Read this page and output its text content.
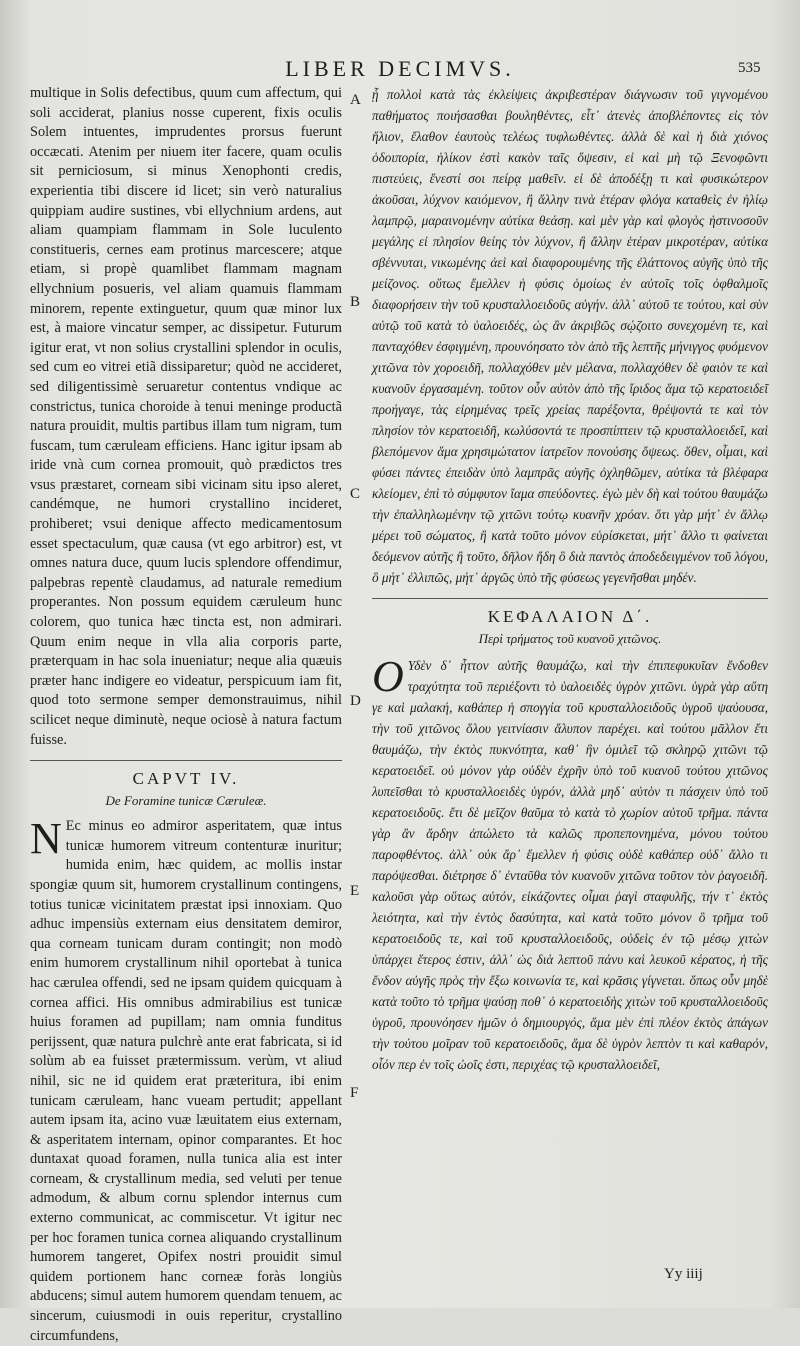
LIBER DECIMVS.	535
A
B
C
D
E
F

multique in Solis defectibus, quum cum affectum, qui soli acciderat, planius nosse cuperent, fixis oculis Solem intuentes, imprudentes prorsus fuerunt occæcati. Atenim per niuem iter facere, quam oculis sit perniciosum, si minus Xenophonti credis, experientia tibi discere id licet; sin verò naturalius quippiam audire sustines, vbi ellychnium ardens, aut aliam quampiam flammam in Sole luculento constitueris, cernes eam protinus marcescere; atque etiam, si propè quamlibet flammam magnam ellychnium posueris, vel aliam quamuis flammam minorem, repente extinguetur, quum quæ minor lux est, à maiore vincatur semper, ac dissipetur. Futurum igitur erat, vt non solius crystallini splendor in oculis, sed cum eo vitrei etiã dissiparetur; quòd ne accideret, sed diligentissimè seruaretur contentus vndique ac constrictus, tunica choroide à tenui meninge productã natura prouidit, multis partibus illam tum nigram, tum fuscam, tum cæruleam efficiens. Hanc igitur ipsam ab iride vnà cum cornea promouit, quò prædictos tres vsus præstaret, corneam sibi vicinam situ ipso aleret, candémque, ne humori crystallino incideret, prohiberet; vsui denique affecto medicamentosum esset spectaculum, quæ causa (vt ego arbitror) est, vt omnes natura duce, quum lucis splendore offendimur, palpebras repentè claudamus, ad naturale remedium properantes. Non possum equidem cæruleum hunc colorem, quo tunica hæc tincta est, non admirari. Quum enim neque in vlla alia corporis parte, præterquam in hac sola inueniatur; neque alia quæuis præter hanc indigere eo videatur, perspicuum iam fit, quod toto sermone semper demonstrauimus, nihil scilicet neque diminutè, neque ociosè à natura factum fuisse.

CAPVT IV.
De Foramine tunicæ Cæruleæ.

N Ec minus eo admiror asperitatem, quæ intus tunicæ humorem vitreum contenturæ inuritur; humida enim, hæc quidem, ac mollis instar spongiæ quum sit, humorem crystallinum contingens, totius tunicæ vicinitatem præstat ipsi innoxiam. Quo adhuc impensiùs externam eius densitatem demiror, qua corneam tunicam duram contingit; non modò enim humorem crystallinum nihil oportebat à tunica hac cærulea offendi, sed ne ipsam quidem quicquam à cornea affici. His omnibus admirabilius est tunicæ huius foramen ad pupillam; nam omnia funditus perijssent, quæ natura pulchrè ante erat fabricata, si id solùm ab ea fuisset prætermissum. verùm, vt aliud nihil, sic ne id quidem erat præteritura, ibi enim tunicam cæruleam, hanc vueam pertudit; appellant autem ipsam ita, acino vuæ læuitatem eius externam, & asperitatem internam, opinor comparantes. Et hoc duntaxat quoad foramen, nulla tunica alia est inter corneam, & crystallinum media, sed veluti per tenue admodum, & album cornu splendor internus cum externo communicat, ac commiscetur. Vt igitur nec per hoc foramen tunica cornea aliquando crystallinum humorem tangeret, Opifex nostri prouidit simul quidem portionem hanc corneæ foràs longiùs abducens; simul autem humorem quendam tenuem, ac sincerum, cuiusmodi in ouis reperitur, crystallino circumfundens,

ᾗ πολλοὶ κατὰ τὰς ἐκλείψεις ἀκριβεστέραν διάγνωσιν τοῦ γιγνομένου παθήματος ποιήσασθαι βουληθέντες, εἶτ᾽ ἀτενὲς ἀποβλέποντες εἰς τὸν ἥλιον, ἔλαθον ἑαυτοὺς τελέως τυφλωθέντες. ἀλλὰ δὲ καὶ ἡ διὰ χιόνος ὁδοιπορία, ἡλίκον ἐστὶ κακὸν ταῖς ὄψεσιν, εἰ καὶ μὴ τῷ Ξενοφῶντι πιστεύεις, ἔνεστί σοι πείρᾳ μαθεῖν. εἰ δὲ ἀποδέξῃ τι καὶ φυσικώτερον ἀκοῦσαι, λύχνον καιόμενον, ἢ ἄλλην τινὰ ἑτέραν φλόγα καταθεὶς ἐν ἡλίῳ λαμπρῷ, μαραινομένην αὐτίκα θεάσῃ. καὶ μὲν γὰρ καὶ φλογὸς ἡστινοσοῦν μεγάλης εἰ πλησίον θείης τὸν λύχνον, ἢ ἄλλην ἑτέραν μικροτέραν, αὐτίκα σβέννυται, νικωμένης ἀεὶ καὶ διαφορουμένης τῆς ἐλάττονος αὐγῆς ὑπὸ τῆς μείζονος. οὕτως ἔμελλεν ἡ φύσις ὁμοίως ἐν αὐτοῖς τοῖς ὀφθαλμοῖς διαφορήσειν τὴν τοῦ κρυσταλλοειδοῦς αὐγήν. ἀλλ᾽ αὐτοῦ τε τούτου, καὶ σὺν αὐτῷ τοῦ κατὰ τὸ ὑαλοειδές, ὡς ἂν ἀκριβῶς σῴζοιτο συνεχομένη τε, καὶ πανταχόθεν ἐσφιγμένη, προυνόησατο τὸν ἀπὸ τῆς λεπτῆς μήνιγγος φυόμενον χιτῶνα τὸν χοροειδῆ, πολλαχόθεν μὲν μέλανα, πολλαχόθεν δὲ φαιὸν τε καὶ κυανοῦν ἐργασαμένη. τοῦτον οὖν αὐτὸν ἀπὸ τῆς ἴριδος ἅμα τῷ κερατοειδεῖ προήγαγε, τὰς εἰρημένας τρεῖς χρείας παρέξοντα, θρέψοντά τε καὶ τὸν πλησίον τὸν κερατοειδῆ, κωλύσοντά τε προσπίπτειν τῷ κρυσταλλοειδεῖ, καὶ βλεπόμενον ἅμα χρησιμώτατον ἰατρεῖον πονούσης ὄψεως. ὅθεν, οἶμαι, καὶ φύσει πάντες ἐπειδὰν ὑπὸ λαμπρᾶς αὐγῆς ὀχληθῶμεν, αὐτίκα τὰ βλέφαρα κλείομεν, ἐπὶ τὸ σύμφυτον ἴαμα σπεύδοντες. ἐγὼ μὲν δὴ καὶ τούτου θαυμάζω τὴν ἐπαλληλωμένην τῷ χιτῶνι τούτῳ κυανῆν χρόαν. ὅτι γὰρ μήτ᾽ ἐν ἄλλῳ μέρει τοῦ σώματος, ἢ κατὰ τοῦτο μόνον εὑρίσκεται, μήτ᾽ ἄλλο τι φαίνεται δεόμενον αὐτῆς ἢ τοῦτο, δῆλον ἤδη ὃ διὰ παντὸς ἀποδεδειγμένον τοῦ λόγου, ὃ μήτ᾽ ἐλλιπῶς, μήτ᾽ ἀργῶς ὑπὸ τῆς φύσεως γεγενῆσθαι μηδέν.

ΚΕΦΑΛΑΙΟΝ Δ΄.
Περὶ τρήματος τοῦ κυανοῦ χιτῶνος.

Ο Υδὲν δ᾽ ἧττον αὐτῆς θαυμάζω, καὶ τὴν ἐπιπεφυκυῖαν ἔνδοθεν τραχύτητα τοῦ περιέξοντι τὸ ὑαλοειδὲς ὑγρὸν χιτῶνι. ὑγρὰ γὰρ αὕτη γε καὶ μαλακή, καθάπερ ἡ σπογγία τοῦ κρυσταλλοειδοῦς ὑγροῦ ψαύουσα, τὴν τοῦ χιτῶνος ὅλου γειτνίασιν ἄλυπον παρέχει. καὶ τούτου μᾶλλον ἔτι θαυμάζω, τὴν ἐκτὸς πυκνότητα, καθ᾽ ἣν ὁμιλεῖ τῷ σκληρῷ χιτῶνι τῷ κερατοειδεῖ. οὐ μόνον γὰρ οὐδὲν ἐχρῆν ὑπὸ τοῦ κυανοῦ τούτου χιτῶνος λυπεῖσθαι τὸ κρυσταλλοειδὲς ὑγρόν, ἀλλὰ μηδ᾽ αὐτὸν τι πάσχειν ὑπὸ τοῦ κερατοειδοῦς. ἔτι δὲ μεῖζον θαῦμα τὸ κατὰ τὸ χωρίον αὐτοῦ τρῆμα. πάντα γὰρ ἂν ἄρδην ἀπώλετο τὰ καλῶς προπεπονημένα, μόνου τούτου παροφθέντος. ἀλλ᾽ οὐκ ἄρ᾽ ἔμελλεν ἡ φύσις οὐδὲ καθάπερ οὐδ᾽ ἄλλο τι παρόψεσθαι. διέτρησε δ᾽ ἐνταῦθα τὸν κυανοῦν χιτῶνα τοῦτον τὸν ῥαγοειδῆ. καλοῦσι γὰρ οὕτως αὐτόν, εἰκάζοντες οἶμαι ῥαγὶ σταφυλῆς, τήν τ᾽ ἐκτὸς λειότητα, καὶ τὴν ἐντὸς δασύτητα, καὶ κατὰ τοῦτο μόνον ὃ τρῆμα τοῦ κερατοειδοῦς τε, καὶ τοῦ κρυσταλλοειδοῦς, οὐδεὶς ἐν τῷ μέσῳ χιτὼν ὑπάρχει ἕτερος ἐστιν, ἀλλ᾽ ὡς διὰ λεπτοῦ πάνυ καὶ λευκοῦ κέρατος, ἡ τῆς ἔνδον αὐγῆς πρὸς τὴν ἔξω κοινωνία τε, καὶ κρᾶσις γίγνεται. ὅπως οὖν μηδὲ κατὰ τοῦτο τὸ τρῆμα ψαύσῃ ποθ᾽ ὁ κερατοειδὴς χιτὼν τοῦ κρυσταλλοειδοῦς ὑγροῦ, προυνόησεν ἡμῶν ὁ δημιουργός, ἅμα μὲν ἐπὶ πλέον ἐκτὸς ἀπάγων τὴν τούτου μοῖραν τοῦ κερατοειδοῦς, ἅμα δὲ ὑγρὸν λεπτὸν τι καὶ καθαρόν, οἷόν περ ἐν τοῖς ὠοῖς ἐστι, περιχέας τῷ κρυσταλλοειδεῖ,

Yy iiij
